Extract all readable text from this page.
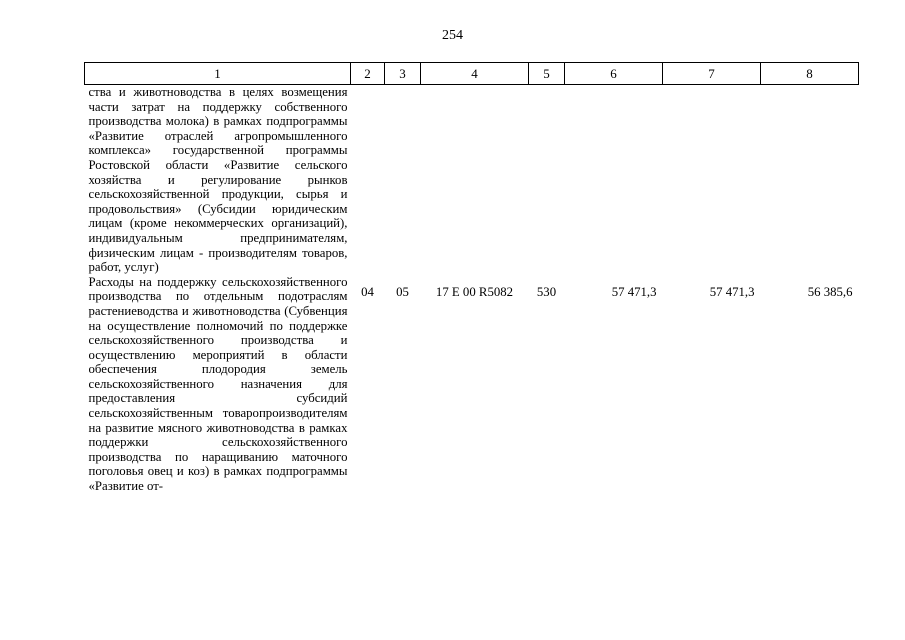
254
1	2	3	4	5	6	7	8
ства и животноводства в целях возмещения части затрат на поддержку собственного производства молока) в рамках подпрограммы «Развитие отраслей агропромышленного комплекса» государственной программы Ростовской области «Развитие сельского хозяйства и регулирование рынков сельскохозяйственной продукции, сырья и продовольствия» (Субсидии юридическим лицам (кроме некоммерческих организаций), индивидуальным предпринимателям, физическим лицам - производителям товаров, работ, услуг)							
Расходы на поддержку сельскохозяйственного производства по отдельным подотраслям растениеводства и животноводства (Субвенция на осуществление полномочий по поддержке сельскохозяйственного производства и осуществлению мероприятий в области обеспечения плодородия земель сельскохозяйственного назначения для предоставления субсидий сельскохозяйственным товаропроизводителям на развитие мясного животноводства в рамках поддержки сельскохозяйственного производства по наращиванию маточного поголовья овец и коз) в рамках подпрограммы «Развитие от-	04	05	17 Е 00 R5082	530	57 471,3	57 471,3	56 385,6
